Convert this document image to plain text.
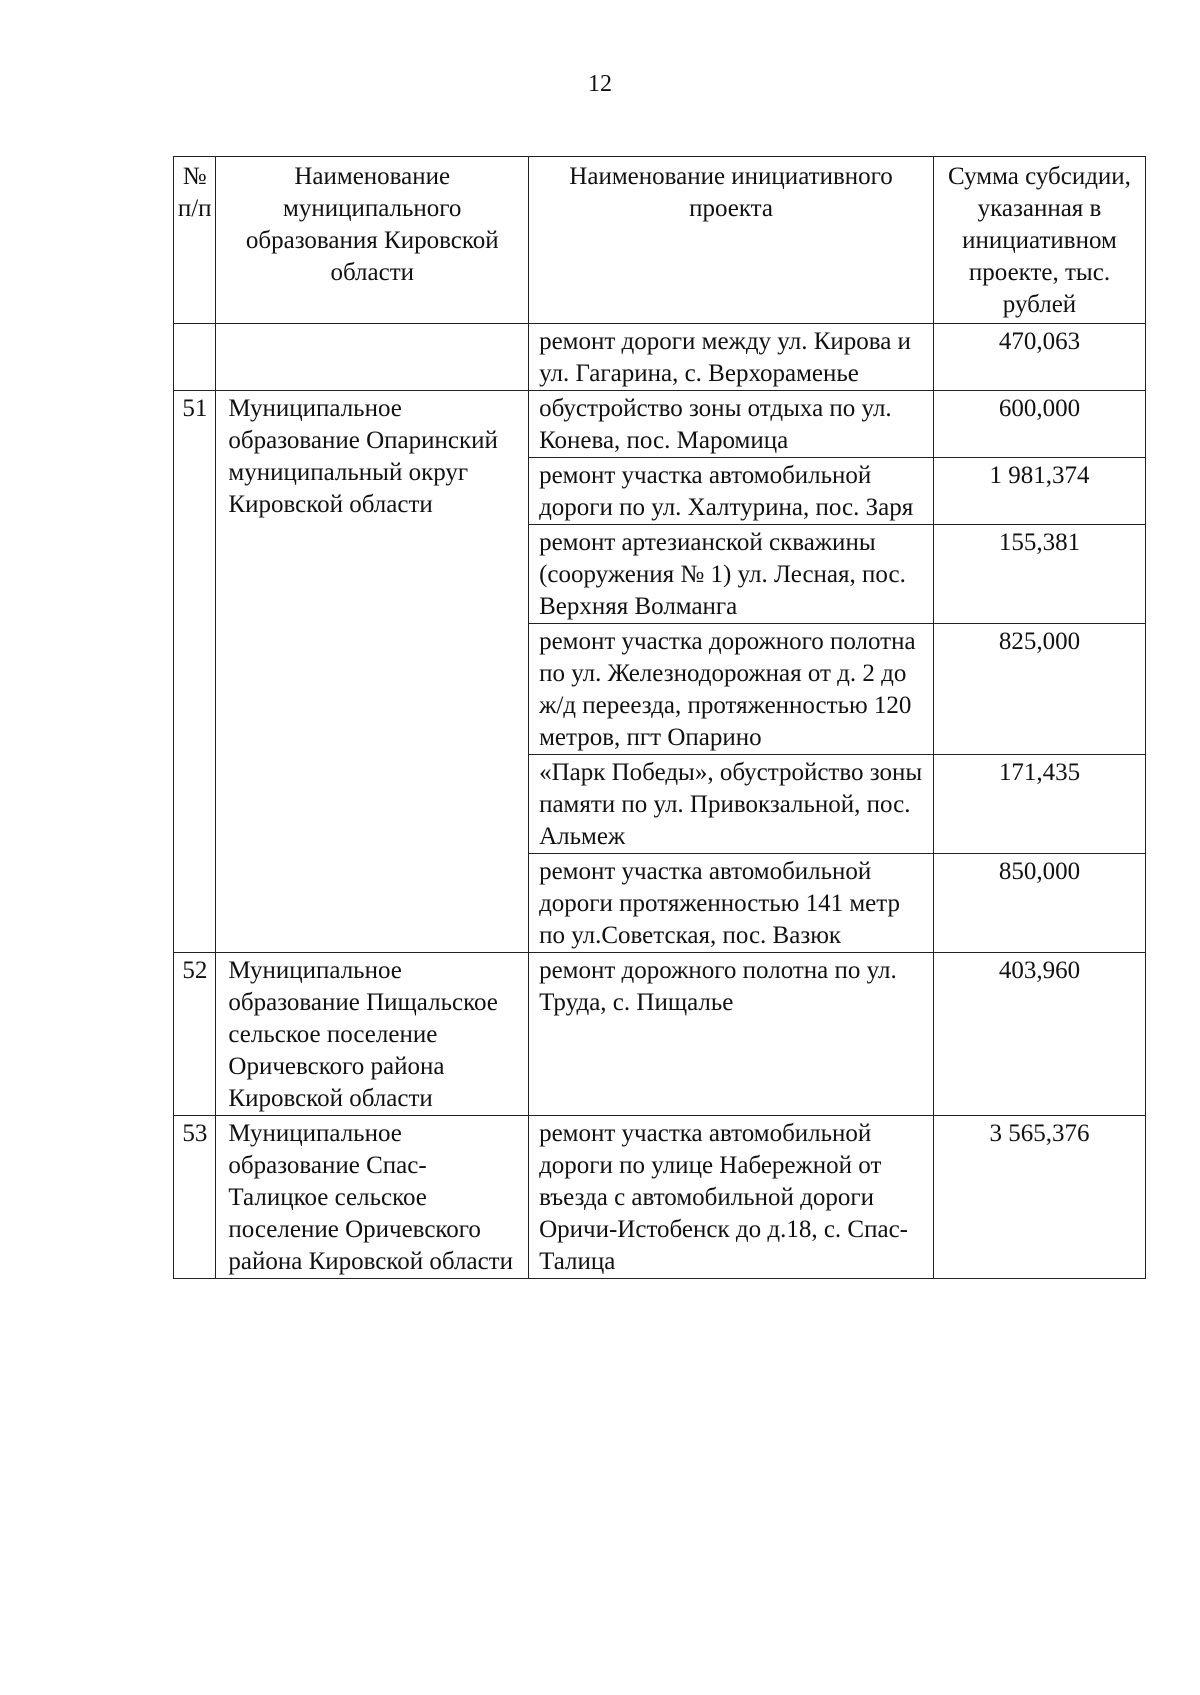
12
№ п/п	Наименование муниципального образования Кировской области	Наименование инициативного проекта	Сумма субсидии, указанная в инициативном проекте, тыс. рублей
		ремонт дороги между ул. Кирова и ул. Гагарина, с. Верхораменье	470,063
51	Муниципальное образование Опаринский муниципальный округ Кировской области	обустройство зоны отдыха по ул. Конева, пос. Маромица	600,000
		ремонт участка автомобильной дороги по ул. Халтурина, пос. Заря	1 981,374
		ремонт артезианской скважины (сооружения № 1) ул. Лесная, пос. Верхняя Волманга	155,381
		ремонт участка дорожного полотна по ул. Железнодорожная от д. 2 до ж/д переезда, протяженностью 120 метров, пгт Опарино	825,000
		«Парк Победы», обустройство зоны памяти по ул. Привокзальной, пос. Альмеж	171,435
		ремонт участка автомобильной дороги протяженностью 141 метр по ул.Советская, пос. Вазюк	850,000
52	Муниципальное образование Пищальское сельское поселение Оричевского района Кировской области	ремонт дорожного полотна по ул. Труда, с. Пищалье	403,960
53	Муниципальное образование Спас-Талицкое сельское поселение Оричевского района Кировской области	ремонт участка автомобильной дороги по улице Набережной от въезда с автомобильной дороги Оричи-Истобенск до д.18, с. Спас-Талица	3 565,376
